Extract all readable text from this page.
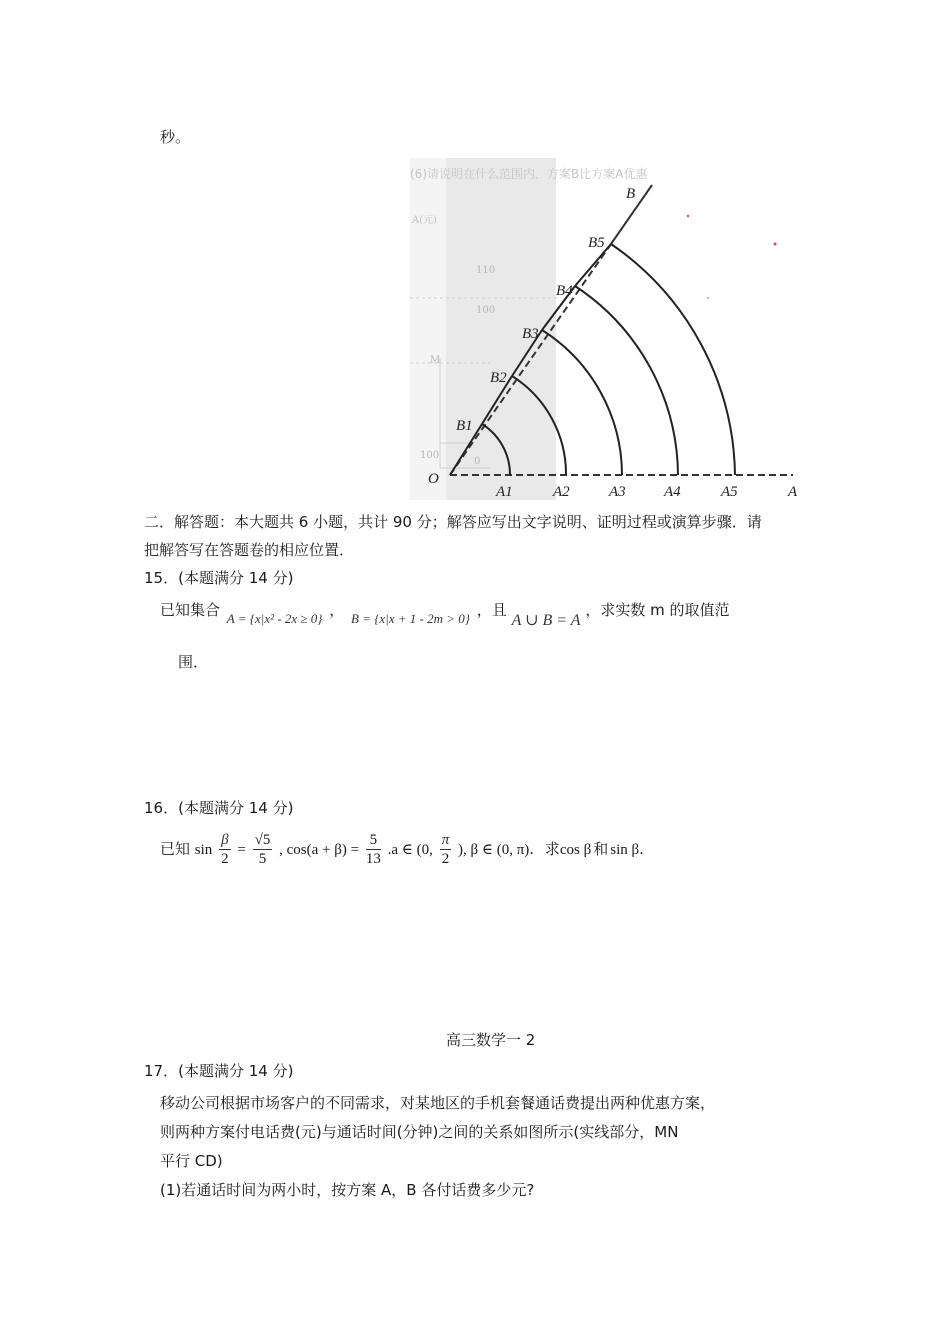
秒。
(6)请说明在什么范围内，方案B比方案A优惠
A(元)
110
100
M
100
0
O
B
A
B1
B2
B3
B4
B5
A1	A2	A3	A4	A5
二．解答题：本大题共 6 小题，共计 90 分；解答应写出文字说明、证明过程或演算步骤．请
把解答写在答题卷的相应位置．
15．(本题满分 14 分)
已知集合 A = {x|x² - 2x ≥ 0} ， B = {x|x + 1 - 2m > 0} ，且 A ∪ B = A ，求实数 m 的取值范
围．
16．(本题满分 14 分)
已知 $\sin \frac{\beta}{2} = \frac{√5}{5}$ , $\cos(a + \beta) = \frac{5}{13} .a$ ∈ (0, $\frac{\pi}{2}$ ), β ∈ (0, π). 求cos β 和 sin β.
高三数学一 2
17．(本题满分 14 分)
移动公司根据市场客户的不同需求，对某地区的手机套餐通话费提出两种优惠方案，
则两种方案付电话费(元)与通话时间(分钟)之间的关系如图所示(实线部分，MN
平行 CD)
(1)若通话时间为两小时，按方案 A，B 各付话费多少元?
